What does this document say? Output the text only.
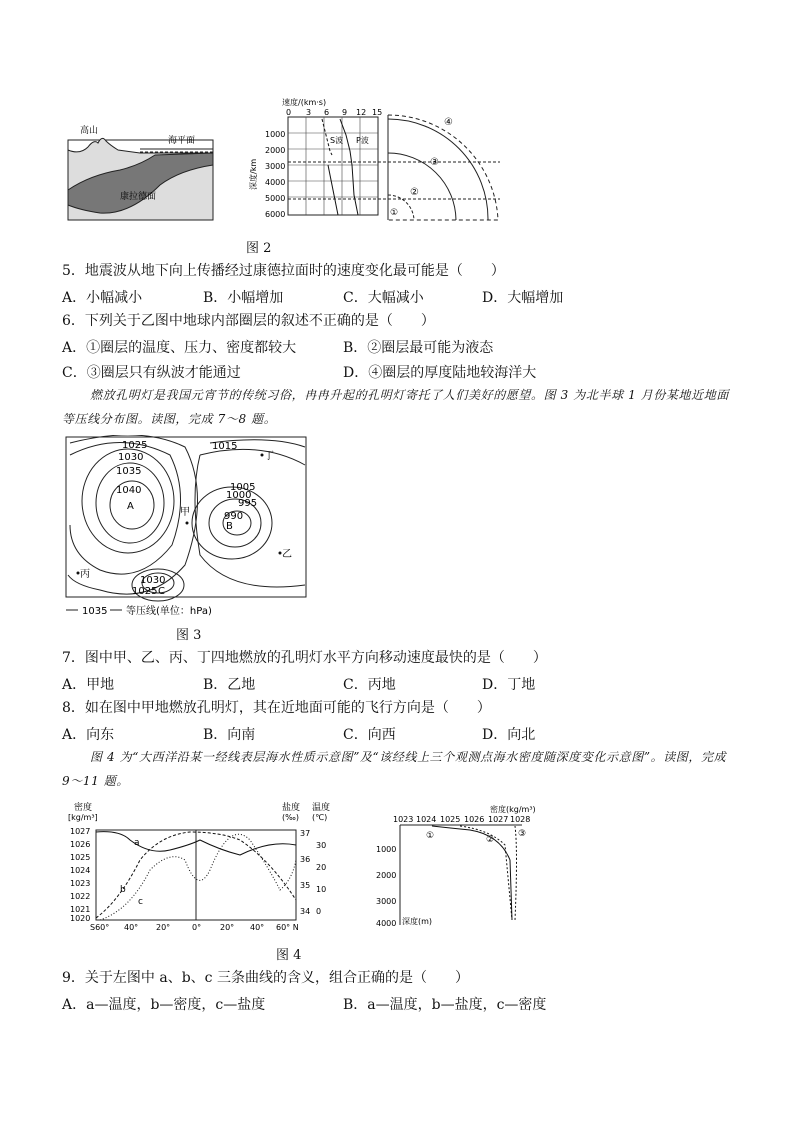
高山
海平面
康拉德面
速度/(km·s)
0 3 6 9 12 15
1000
2000
3000
4000
5000
6000
深度/km
S波 P波
①
②
③
④
图 2
5．地震波从地下向上传播经过康德拉面时的速度变化最可能是（　　）
A．小幅减小	B．小幅增加	C．大幅减小	D．大幅增加
6．下列关于乙图中地球内部圈层的叙述不正确的是（　　）
A．①圈层的温度、压力、密度都较大	B．②圈层最可能为液态
C．③圈层只有纵波才能通过	D．④圈层的厚度陆地较海洋大
燃放孔明灯是我国元宵节的传统习俗，冉冉升起的孔明灯寄托了人们美好的愿望。图 3 为北半球 1 月份某地近地面等压线分布图。读图，完成 7～8 题。
1025
1030
1035
1040
A
1015
丁
1005
1000
995
990
B
甲
乙
丙
1030
1025 C
1035 等压线(单位：hPa)
图 3
7．图中甲、乙、丙、丁四地燃放的孔明灯水平方向移动速度最快的是（　　）
A．甲地	B．乙地	C．丙地	D．丁地
8．如在图中甲地燃放孔明灯，其在近地面可能的飞行方向是（　　）
A．向东	B．向南	C．向西	D．向北
图 4 为“大西洋沿某一经线表层海水性质示意图”及“该经线上三个观测点海水密度随深度变化示意图”。读图，完成 9～11 题。
密度
[kg/m³]
1027
1026
1025
1024
1023
1022
1021
1020
a
b
c
盐度
(‰)
温度
(℃)
37
36
35
34
30
20
10
0
S60° 40° 20°	0° 20° 40° 60° N
密度(kg/m³)
1023 1024 1025 1026 1027 1028
1000
2000
3000
4000 深度(m)
①	②
③
图 4
9．关于左图中 a、b、c 三条曲线的含义，组合正确的是（　　）
A．a—温度，b—密度，c—盐度	B．a—温度，b—盐度，c—密度
